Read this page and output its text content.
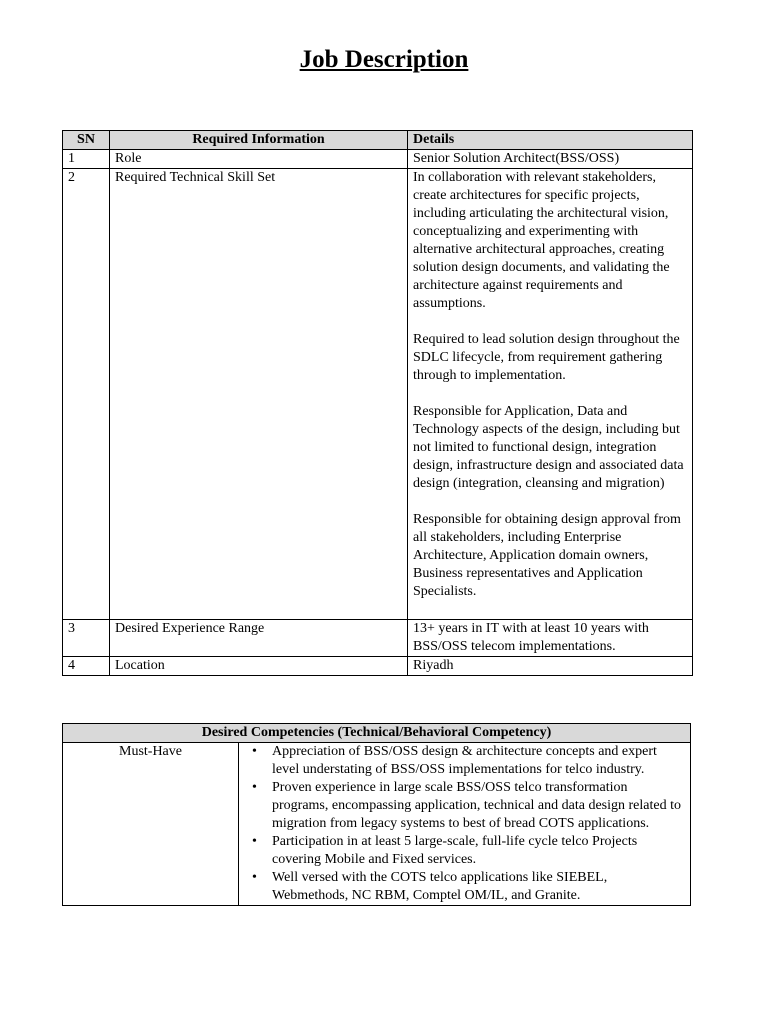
Job Description
SN	Required Information	Details
1	Role	Senior Solution Architect(BSS/OSS)
2	Required Technical Skill Set	In collaboration with relevant stakeholders, create architectures for specific projects, including articulating the architectural vision, conceptualizing and experimenting with alternative architectural approaches, creating solution design documents, and validating the architecture against requirements and assumptions.
Required to lead solution design throughout the SDLC lifecycle, from requirement gathering through to implementation.
Responsible for Application, Data and Technology aspects of the design, including but not limited to functional design, integration design, infrastructure design and associated data design (integration, cleansing and migration)
Responsible for obtaining design approval from all stakeholders, including Enterprise Architecture, Application domain owners, Business representatives and Application Specialists.

3	Desired Experience Range	13+ years in IT with at least 10 years with BSS/OSS telecom implementations.
4	Location	Riyadh
Desired Competencies (Technical/Behavioral Competency)
Must-Have	
•Appreciation of BSS/OSS design & architecture concepts and expert level understating of BSS/OSS implementations for telco industry.
• Proven experience in large scale BSS/OSS telco transformation programs, encompassing application, technical and data design related to migration from legacy systems to best of bread COTS applications.
• Participation in at least 5 large-scale, full-life cycle telco Projects covering Mobile and Fixed services.
• Well versed with the COTS telco applications like SIEBEL, Webmethods, NC RBM, Comptel OM/IL, and Granite.
